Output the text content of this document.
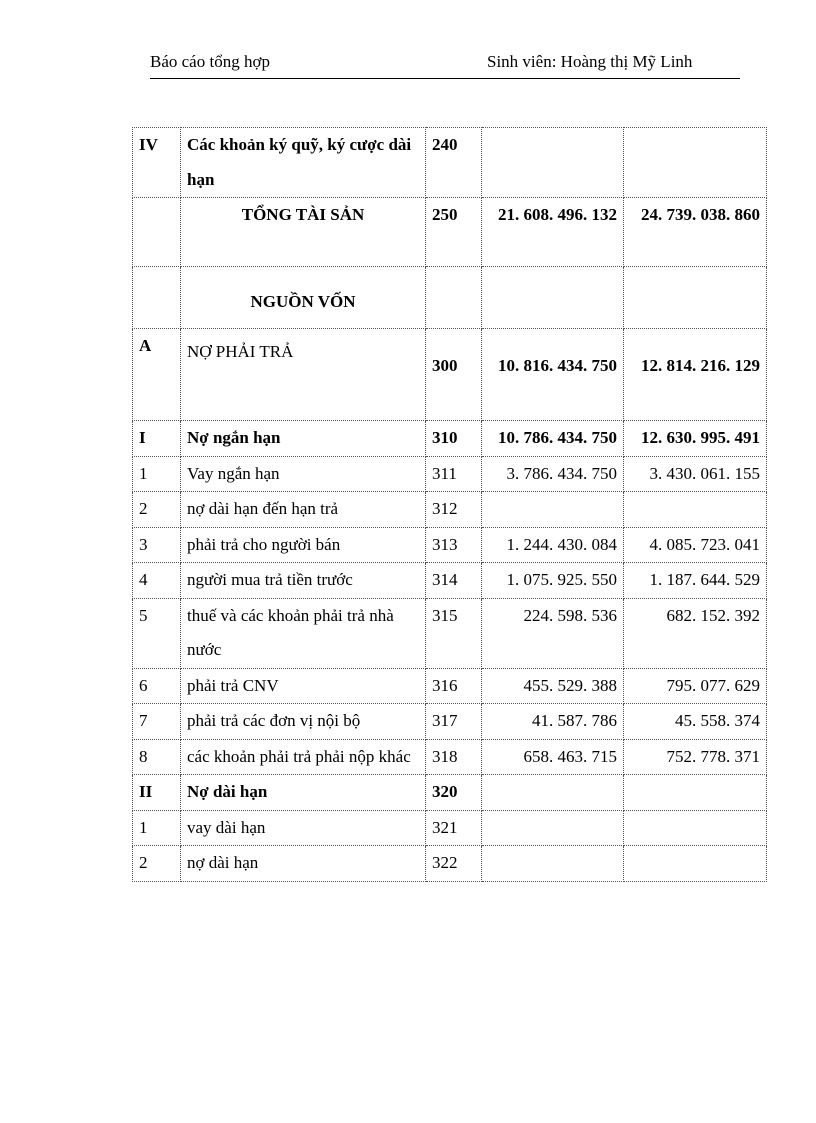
Báo cáo tổng hợp	Sinh viên: Hoàng thị Mỹ Linh
IV	Các khoản ký quỹ, ký cược dài hạn	240		
	TỔNG TÀI SẢN	250	21. 608. 496. 132	24. 739. 038. 860
	NGUỒN VỐN			
A	NỢ PHẢI TRẢ	300	10. 816. 434. 750	12. 814. 216. 129
I	Nợ ngắn hạn	310	10. 786. 434. 750	12. 630. 995. 491
1	Vay ngắn hạn	311	3. 786. 434. 750	3. 430. 061. 155
2	nợ dài hạn đến hạn trả	312		
3	phải trả cho người bán	313	1. 244. 430. 084	4. 085. 723. 041
4	người mua trả tiền trước	314	1. 075. 925. 550	1. 187. 644. 529
5	thuế và các khoản phải trả nhà nước	315	224. 598. 536	682. 152. 392
6	phải trả CNV	316	455. 529. 388	795. 077. 629
7	phải trả các đơn vị nội bộ	317	41. 587. 786	45. 558. 374
8	các khoản phải trả phải nộp khác	318	658. 463. 715	752. 778. 371
II	Nợ dài hạn	320		
1	vay dài hạn	321		
2	nợ dài hạn	322		
